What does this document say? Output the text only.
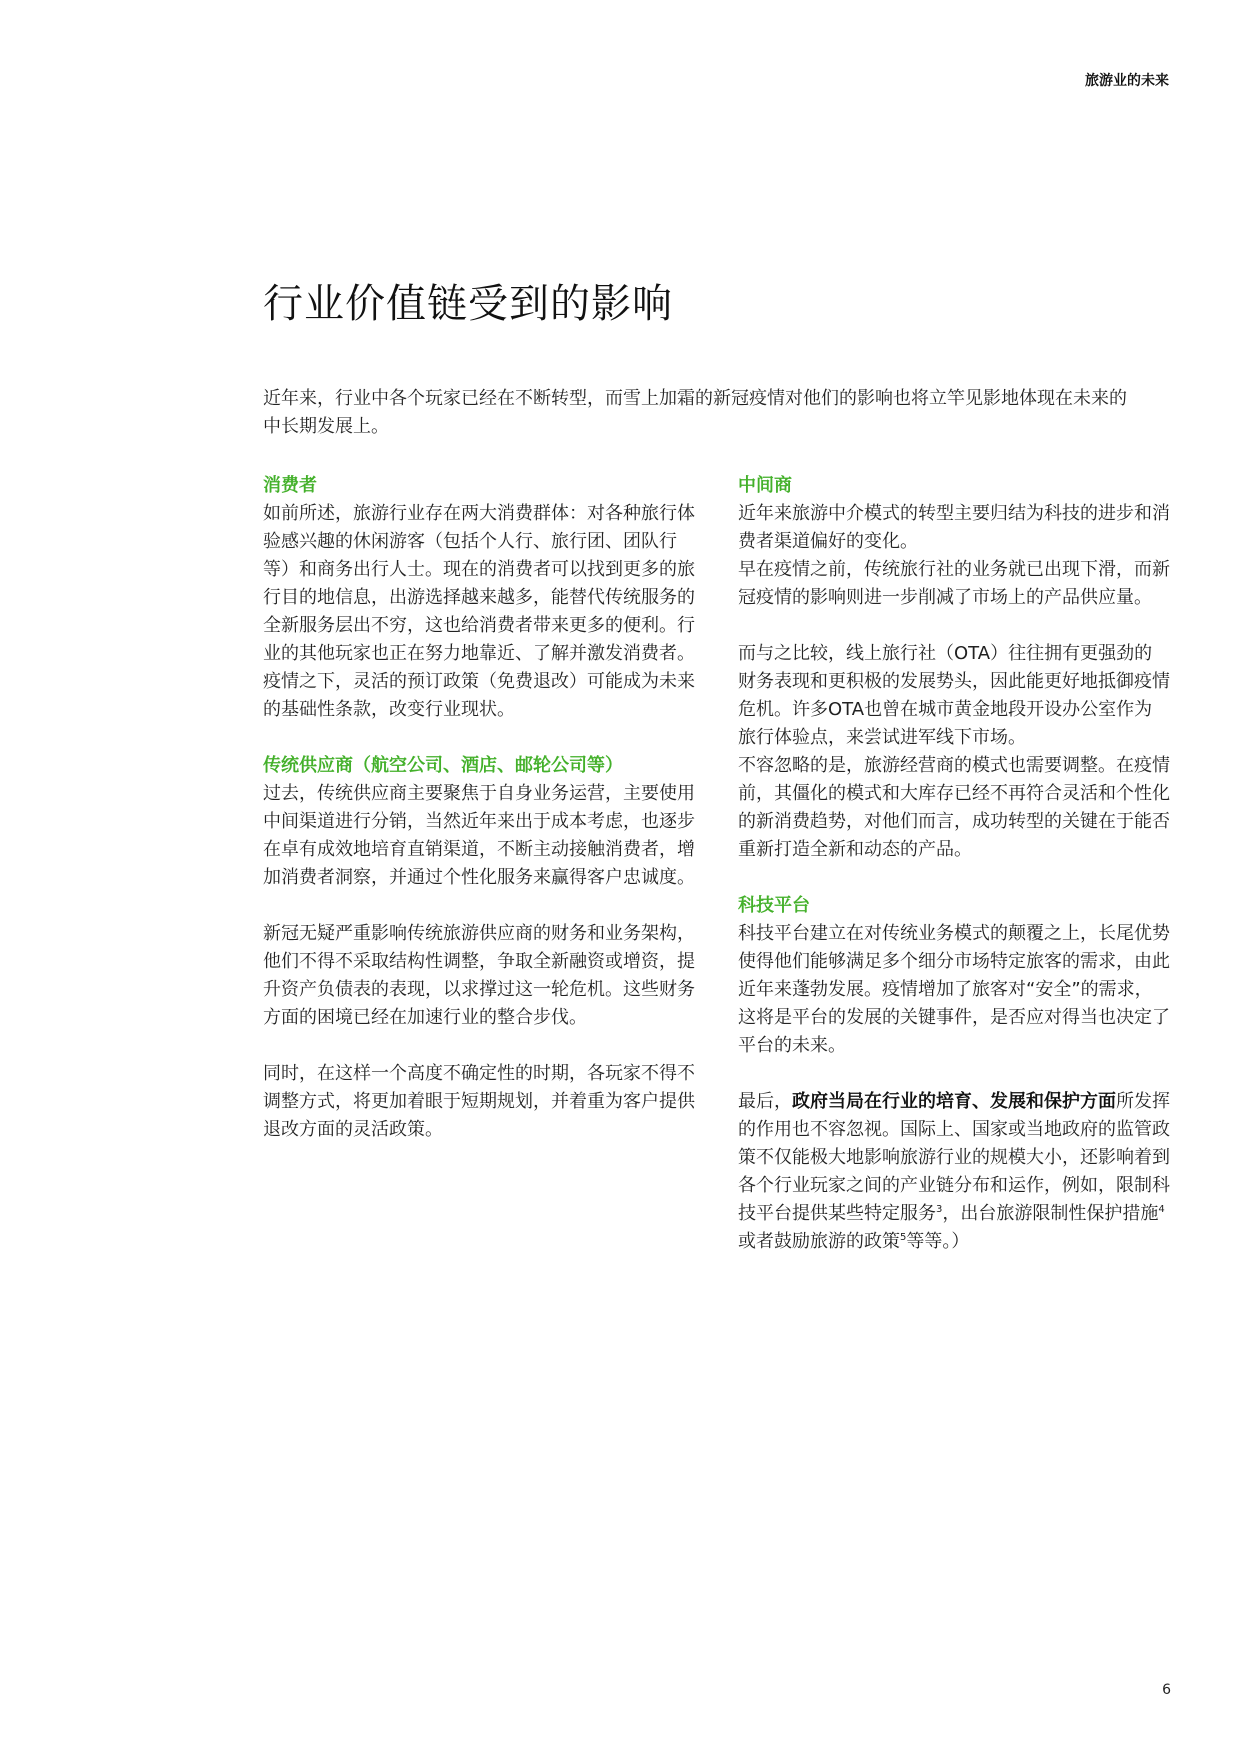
旅游业的未来
行业价值链受到的影响

近年来，行业中各个玩家已经在不断转型，而雪上加霜的新冠疫情对他们的影响也将立竿见影地体现在未来的中长期发展上。

消费者

如前所述，旅游行业存在两大消费群体：对各种旅行体验感兴趣的休闲游客（包括个人行、旅行团、团队行等）和商务出行人士。现在的消费者可以找到更多的旅行目的地信息，出游选择越来越多，能替代传统服务的全新服务层出不穷，这也给消费者带来更多的便利。行业的其他玩家也正在努力地靠近、了解并激发消费者。疫情之下，灵活的预订政策（免费退改）可能成为未来的基础性条款，改变行业现状。

传统供应商（航空公司、酒店、邮轮公司等）

过去，传统供应商主要聚焦于自身业务运营，主要使用中间渠道进行分销，当然近年来出于成本考虑，也逐步在卓有成效地培育直销渠道，不断主动接触消费者，增加消费者洞察，并通过个性化服务来赢得客户忠诚度。

新冠无疑严重影响传统旅游供应商的财务和业务架构，他们不得不采取结构性调整，争取全新融资或增资，提升资产负债表的表现，以求撑过这一轮危机。这些财务方面的困境已经在加速行业的整合步伐。

同时，在这样一个高度不确定性的时期，各玩家不得不调整方式，将更加着眼于短期规划，并着重为客户提供退改方面的灵活政策。

中间商

近年来旅游中介模式的转型主要归结为科技的进步和消费者渠道偏好的变化。

早在疫情之前，传统旅行社的业务就已出现下滑，而新冠疫情的影响则进一步削减了市场上的产品供应量。

而与之比较，线上旅行社（OTA）往往拥有更强劲的财务表现和更积极的发展势头，因此能更好地抵御疫情危机。许多OTA也曾在城市黄金地段开设办公室作为旅行体验点，来尝试进军线下市场。

不容忽略的是，旅游经营商的模式也需要调整。在疫情前，其僵化的模式和大库存已经不再符合灵活和个性化的新消费趋势，对他们而言，成功转型的关键在于能否重新打造全新和动态的产品。

科技平台

科技平台建立在对传统业务模式的颠覆之上，长尾优势使得他们能够满足多个细分市场特定旅客的需求，由此近年来蓬勃发展。疫情增加了旅客对“安全”的需求，这将是平台的发展的关键事件，是否应对得当也决定了平台的未来。

最后，政府当局在行业的培育、发展和保护方面所发挥的作用也不容忽视。国际上、国家或当地政府的监管政策不仅能极大地影响旅游行业的规模大小，还影响着到各个行业玩家之间的产业链分布和运作，例如，限制科技平台提供某些特定服务$^3$，出台旅游限制性保护措施$^4$或者鼓励旅游的政策$^5$等等。）

6
